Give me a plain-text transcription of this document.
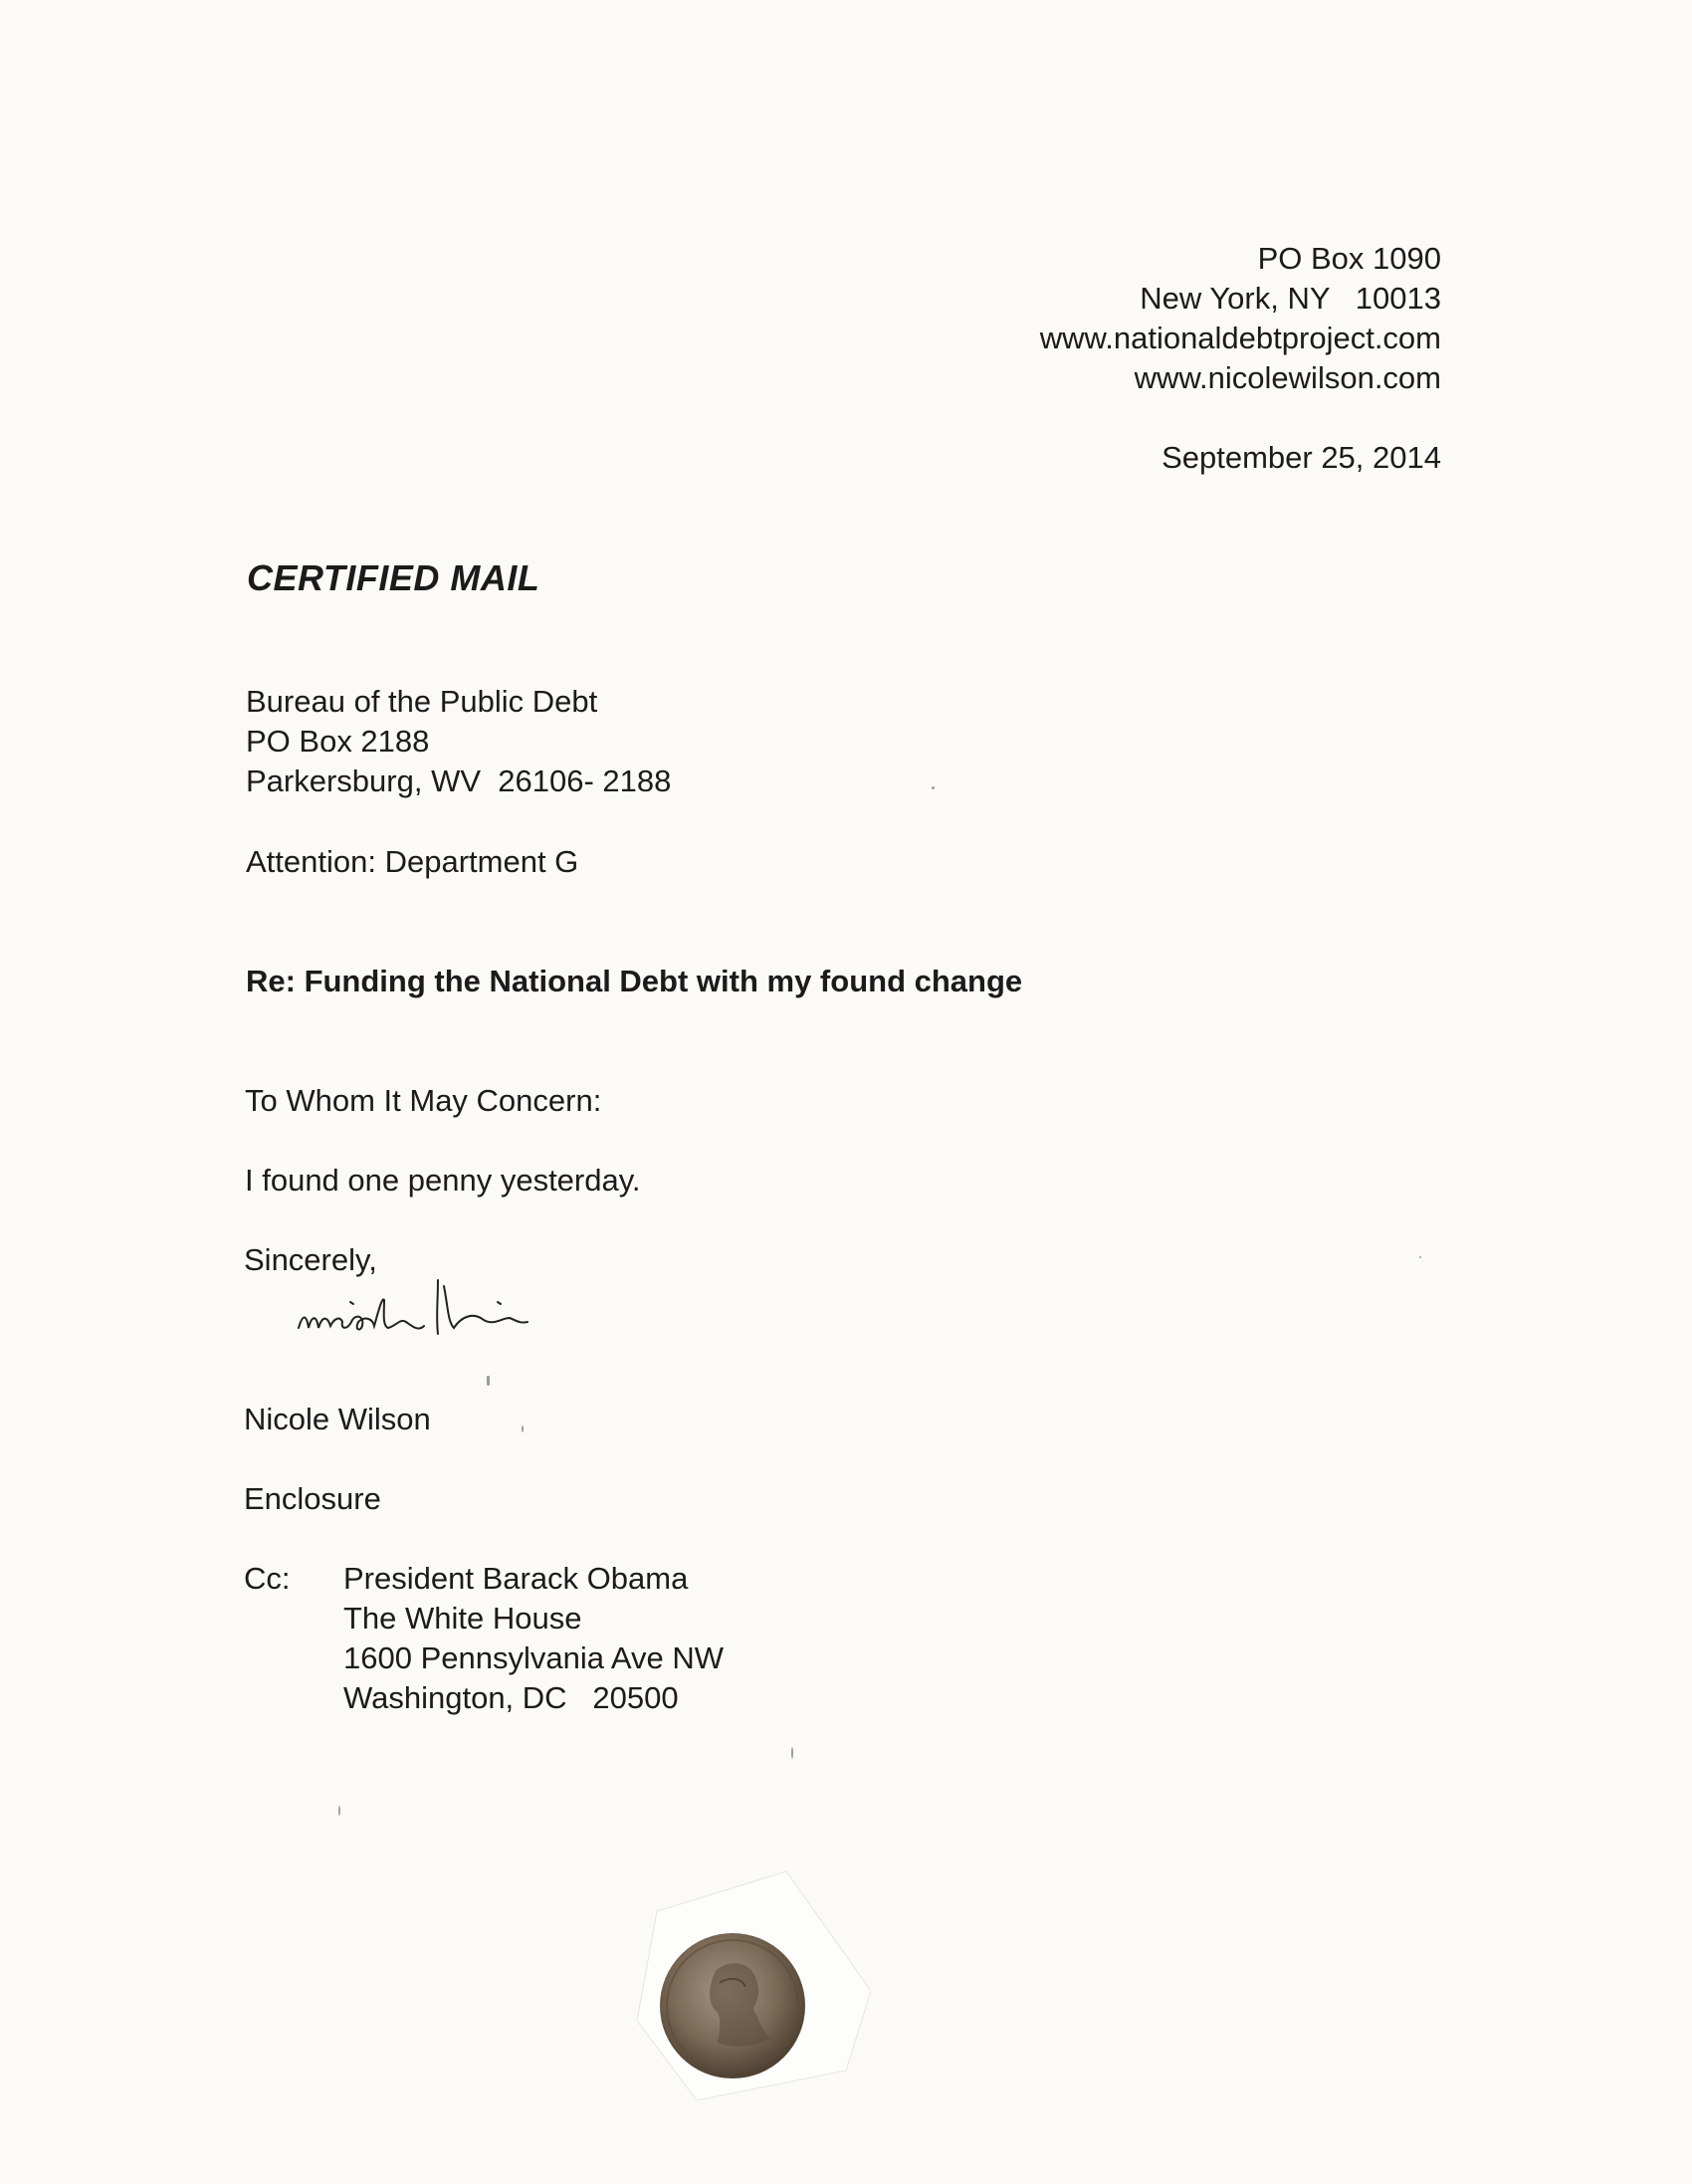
PO Box 1090
New York, NY   10013
www.nationaldebtproject.com
www.nicolewilson.com
September 25, 2014
CERTIFIED MAIL
Bureau of the Public Debt
PO Box 2188
Parkersburg, WV  26106- 2188
Attention: Department G
Re: Funding the National Debt with my found change
To Whom It May Concern:
I found one penny yesterday.
Sincerely,
Nicole Wilson
Enclosure
Cc: President Barack Obama
The White House
1600 Pennsylvania Ave NW
Washington, DC   20500
